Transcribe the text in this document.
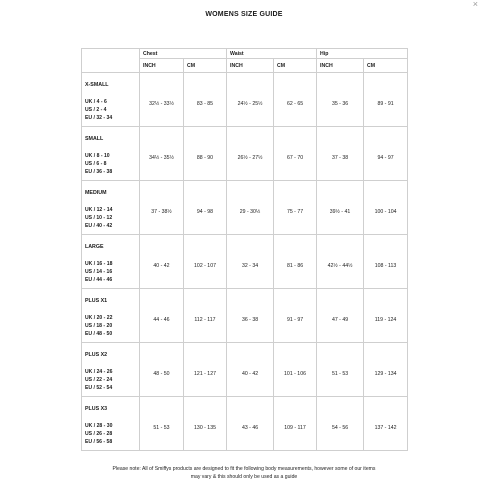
×
WOMENS SIZE GUIDE
	Chest		Waist		Hip	
	INCH	CM	INCH	CM	INCH	CM

X-SMALL
UK / 4 - 6
US / 2 - 4
EU / 32 - 34	32½ - 33½	83 - 85	24½ - 25½	62 - 65	35 - 36	89 - 91

SMALL
UK / 8 - 10
US / 6 - 8
EU / 36 - 38	34½ - 35½	88 - 90	26½ - 27½	67 - 70	37 - 38	94 - 97

MEDIUM
UK / 12 - 14
US / 10 - 12
EU / 40 - 42	37 - 38½	94 - 98	29 - 30½	75 - 77	39½ - 41	100 - 104

LARGE
UK / 16 - 18
US / 14 - 16
EU / 44 - 46	40 - 42	102 - 107	32 - 34	81 - 86	42½ - 44½	108 - 113

PLUS X1
UK / 20 - 22
US / 18 - 20
EU / 48 - 50	44 - 46	112 - 117	36 - 38	91 - 97	47 - 49	119 - 124

PLUS X2
UK / 24 - 26
US / 22 - 24
EU / 52 - 54	48 - 50	121 - 127	40 - 42	101 - 106	51 - 53	129 - 134

PLUS X3
UK / 28 - 30
US / 26 - 28
EU / 56 - 58	51 - 53	130 - 135	43 - 46	109 - 117	54 - 56	137 - 142
Please note: All of Smiffys products are designed to fit the following body measurements, however some of our items
may vary & this should only be used as a guide
